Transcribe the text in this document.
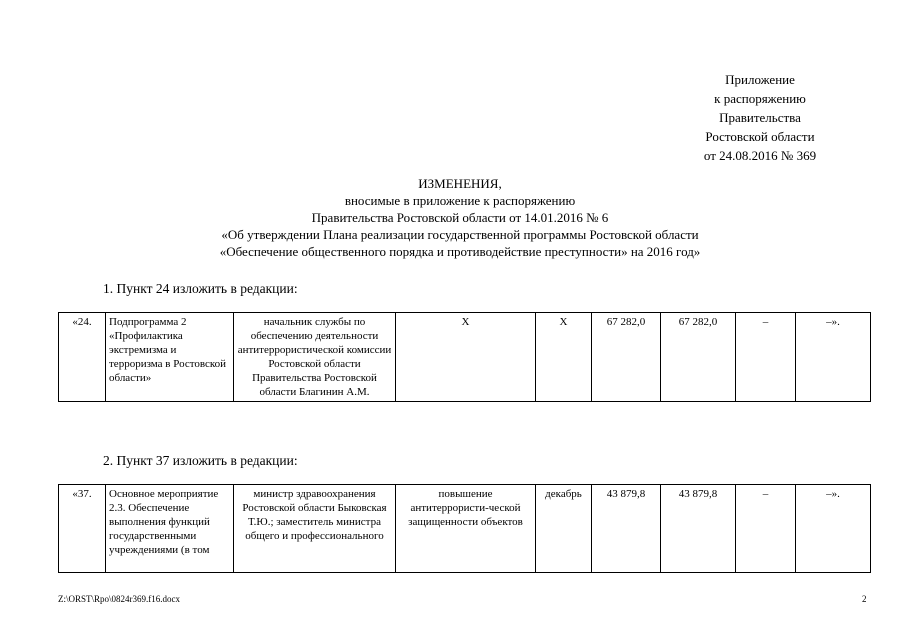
Приложение
к распоряжению
Правительства
Ростовской области
от 24.08.2016 № 369
ИЗМЕНЕНИЯ,
вносимые в приложение к распоряжению
Правительства Ростовской области от 14.01.2016 № 6
«Об утверждении Плана реализации государственной программы Ростовской области
«Обеспечение общественного порядка и противодействие преступности» на 2016 год»
1. Пункт 24 изложить в редакции:
«24.	Подпрограмма 2 «Профилактика экстремизма и терроризма в Ростовской области»	начальник службы по обеспечению деятельности антитеррористической комиссии Ростовской области Правительства Ростовской области Благинин А.М.	Х	Х	67 282,0	67 282,0	–	–».
2. Пункт 37 изложить в редакции:
«37.	Основное мероприятие 2.3. Обеспечение выполнения функций государственными учреждениями (в том	министр здравоохранения Ростовской области Быковская Т.Ю.; заместитель министра общего и профессионального	повышение антитеррористи-ческой защищенности объектов	декабрь	43 879,8	43 879,8	–	–».
Z:\ORST\Rpo\0824r369.f16.docx	2
